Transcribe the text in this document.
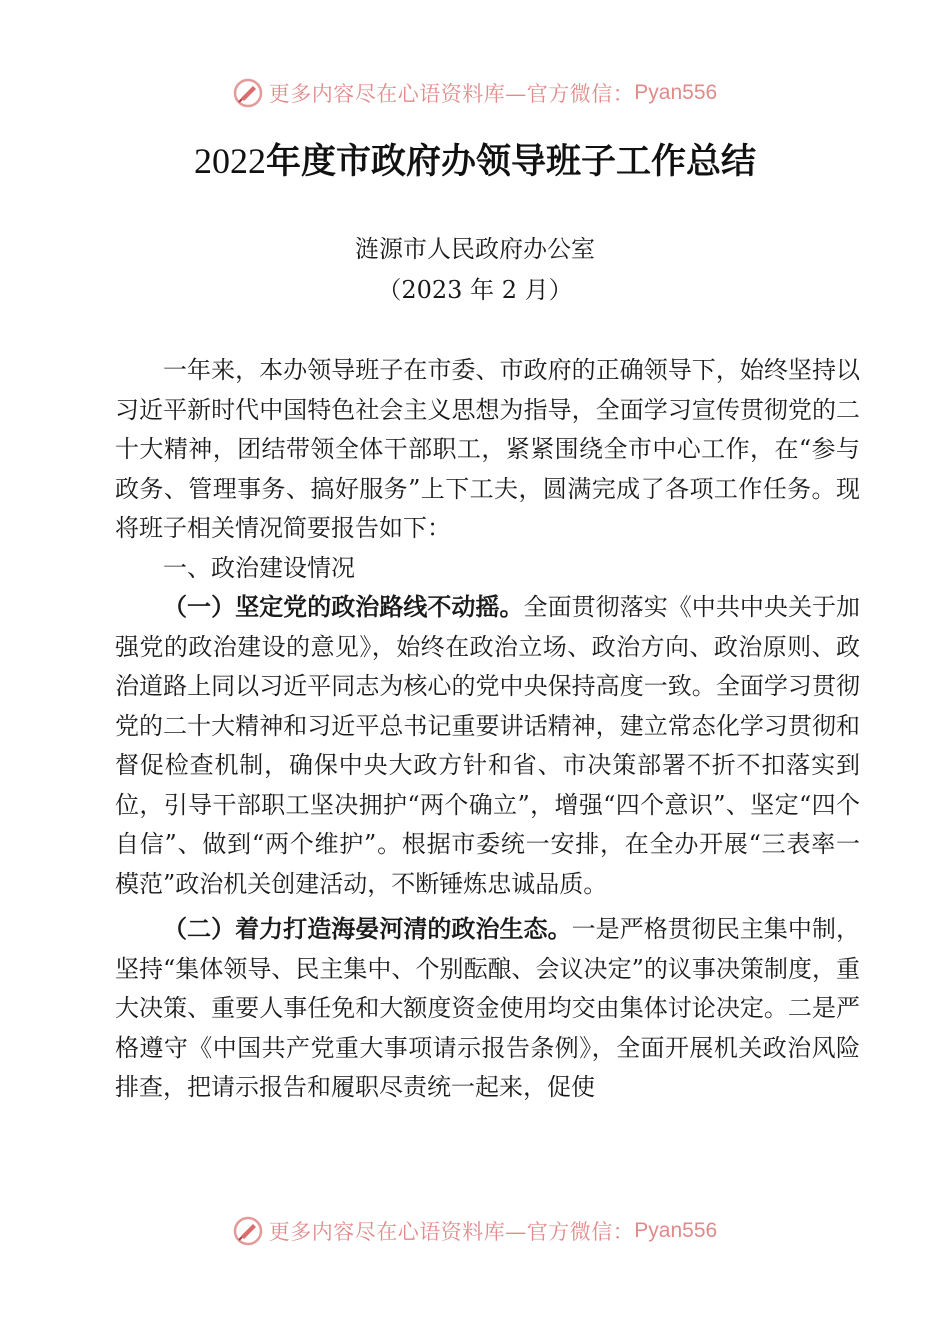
更多内容尽在心语资料库—官方微信： Pyan556
2022年度市政府办领导班子工作总结
涟源市人民政府办公室
（2023 年 2 月）

一年来，本办领导班子在市委、市政府的正确领导下，始终坚持以习近平新时代中国特色社会主义思想为指导，全面学习宣传贯彻党的二十大精神，团结带领全体干部职工，紧紧围绕全市中心工作，在“参与政务、管理事务、搞好服务”上下工夫，圆满完成了各项工作任务。现将班子相关情况简要报告如下：

一、政治建设情况

（一）坚定党的政治路线不动摇。全面贯彻落实《中共中央关于加强党的政治建设的意见》，始终在政治立场、政治方向、政治原则、政治道路上同以习近平同志为核心的党中央保持高度一致。全面学习贯彻党的二十大精神和习近平总书记重要讲话精神，建立常态化学习贯彻和督促检查机制，确保中央大政方针和省、市决策部署不折不扣落实到位，引导干部职工坚决拥护“两个确立”，增强“四个意识”、坚定“四个自信”、做到“两个维护”。根据市委统一安排，在全办开展“三表率一模范”政治机关创建活动，不断锤炼忠诚品质。

（二）着力打造海晏河清的政治生态。一是严格贯彻民主集中制，坚持“集体领导、民主集中、个别酝酿、会议决定”的议事决策制度，重大决策、重要人事任免和大额度资金使用均交由集体讨论决定。二是严格遵守《中国共产党重大事项请示报告条例》，全面开展机关政治风险排查，把请示报告和履职尽责统一起来，促使

更多内容尽在心语资料库—官方微信： Pyan556
